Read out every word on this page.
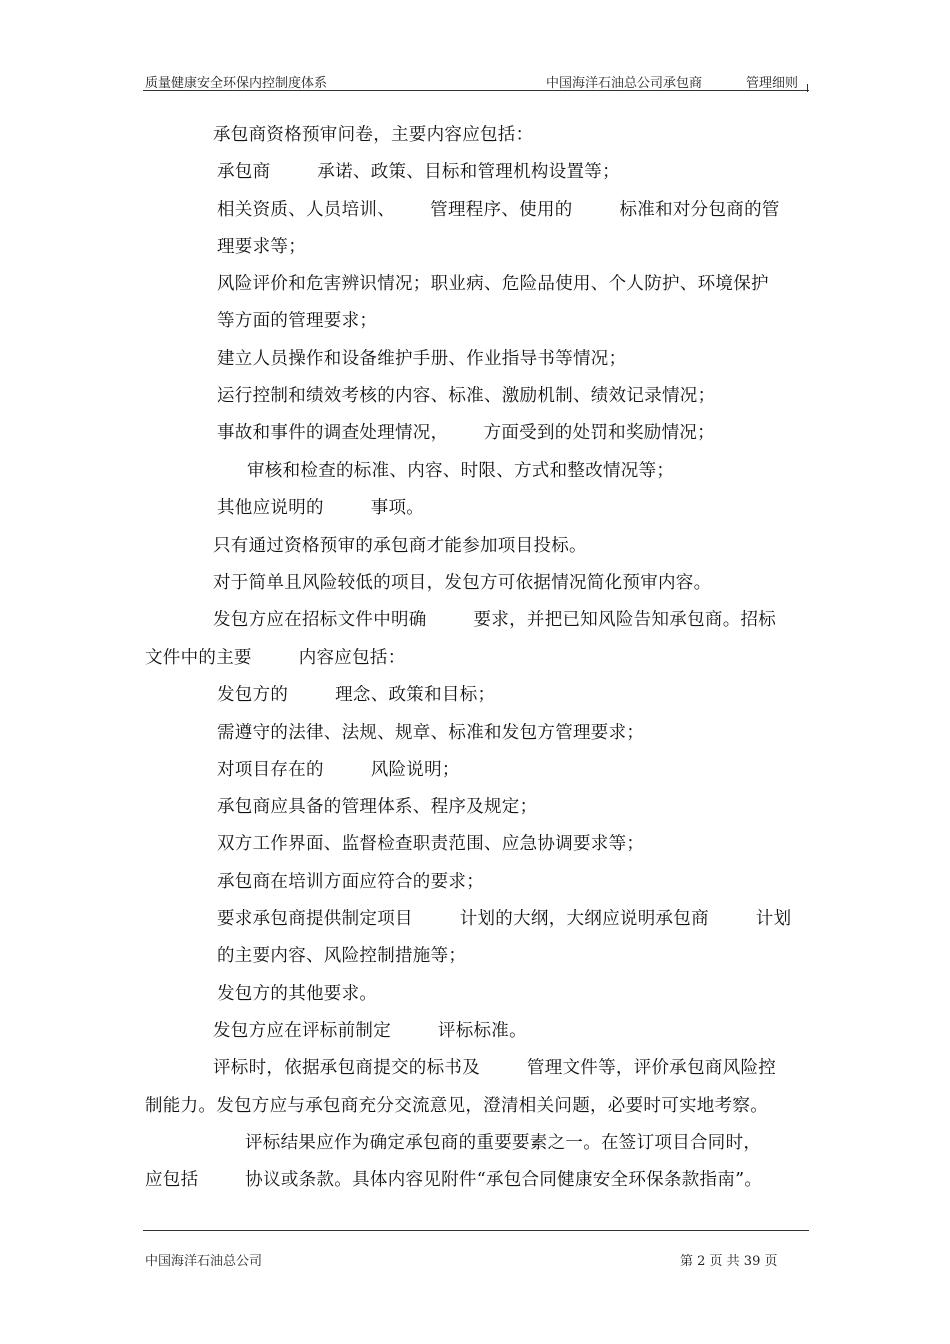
质量健康安全环保内控制度体系	中国海洋石油总公司承包商	管理细则
承包商资格预审问卷，主要内容应包括：
承包商        承诺、政策、目标和管理机构设置等；
相关资质、人员培训、      管理程序、使用的        标准和对分包商的管
理要求等；
风险评价和危害辨识情况；职业病、危险品使用、个人防护、环境保护
等方面的管理要求；
建立人员操作和设备维护手册、作业指导书等情况；
运行控制和绩效考核的内容、标准、激励机制、绩效记录情况；
事故和事件的调查处理情况，      方面受到的处罚和奖励情况；
审核和检查的标准、内容、时限、方式和整改情况等；
其他应说明的        事项。
只有通过资格预审的承包商才能参加项目投标。
对于简单且风险较低的项目，发包方可依据情况简化预审内容。
发包方应在招标文件中明确        要求，并把已知风险告知承包商。招标
文件中的主要        内容应包括：
发包方的        理念、政策和目标；
需遵守的法律、法规、规章、标准和发包方管理要求；
对项目存在的        风险说明；
承包商应具备的管理体系、程序及规定；
双方工作界面、监督检查职责范围、应急协调要求等；
承包商在培训方面应符合的要求；
要求承包商提供制定项目        计划的大纲，大纲应说明承包商        计划
的主要内容、风险控制措施等；
发包方的其他要求。
发包方应在评标前制定        评标标准。
评标时，依据承包商提交的标书及        管理文件等，评价承包商风险控
制能力。发包方应与承包商充分交流意见，澄清相关问题，必要时可实地考察。
评标结果应作为确定承包商的重要要素之一。在签订项目合同时，
应包括        协议或条款。具体内容见附件“承包合同健康安全环保条款指南”。
中国海洋石油总公司	第 2 页 共 39 页
